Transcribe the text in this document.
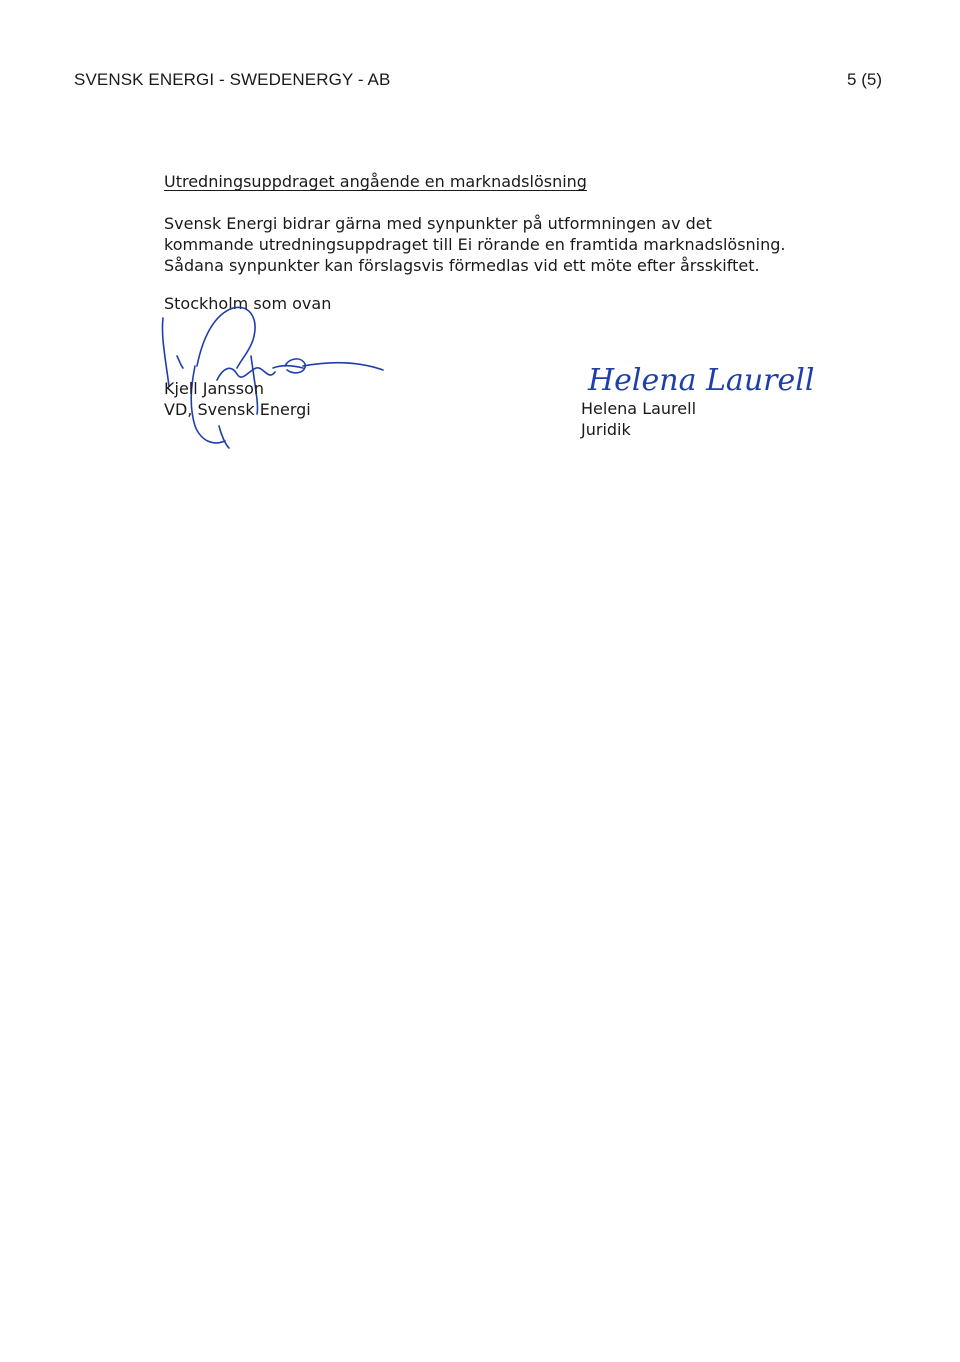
SVENSK ENERGI - SWEDENERGY - AB	5 (5)
Utredningsuppdraget angående en marknadslösning

Svensk Energi bidrar gärna med synpunkter på utformningen av det

kommande utredningsuppdraget till Ei rörande en framtida marknadslösning.

Sådana synpunkter kan förslagsvis förmedlas vid ett möte efter årsskiftet.

Stockholm som ovan
Kjell Jansson
VD, Svensk Energi
Helena Laurell
Helena Laurell
Juridik
